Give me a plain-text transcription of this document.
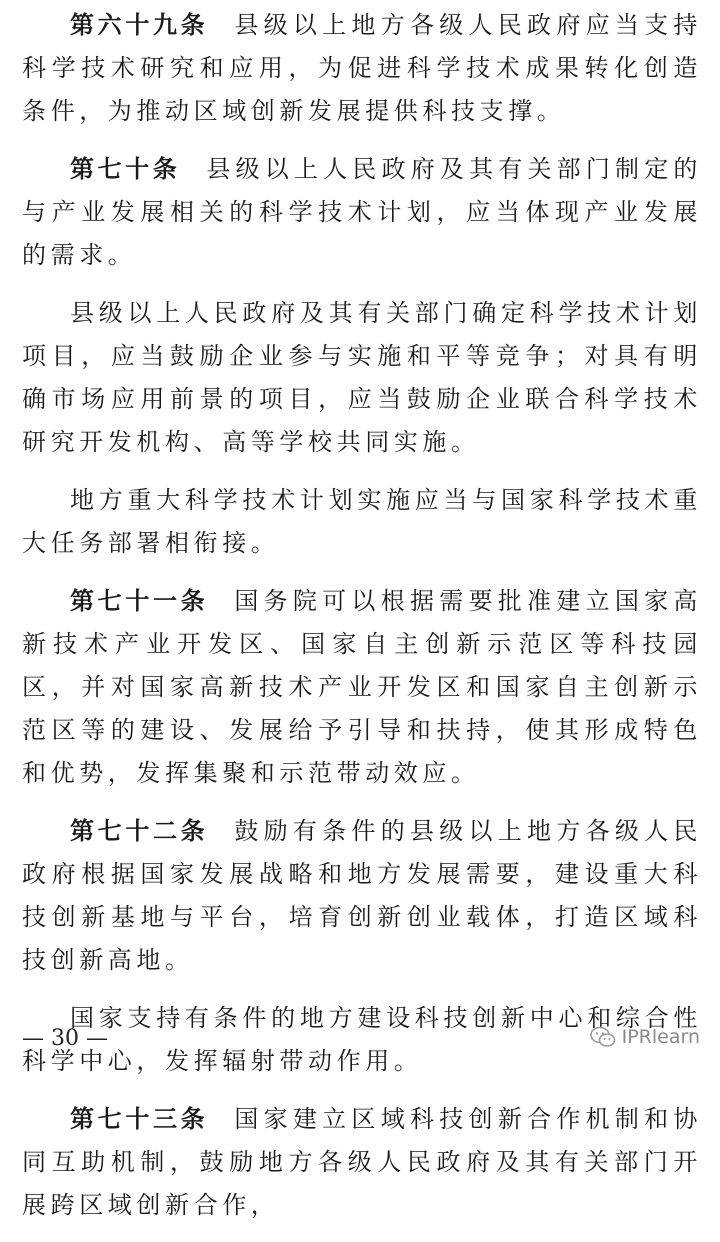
第六十九条 县级以上地方各级人民政府应当支持科学技术研究和应用，为促进科学技术成果转化创造条件，为推动区域创新发展提供科技支撑。

第七十条 县级以上人民政府及其有关部门制定的与产业发展相关的科学技术计划，应当体现产业发展的需求。

县级以上人民政府及其有关部门确定科学技术计划项目，应当鼓励企业参与实施和平等竞争；对具有明确市场应用前景的项目，应当鼓励企业联合科学技术研究开发机构、高等学校共同实施。

地方重大科学技术计划实施应当与国家科学技术重大任务部署相衔接。

第七十一条 国务院可以根据需要批准建立国家高新技术产业开发区、国家自主创新示范区等科技园区，并对国家高新技术产业开发区和国家自主创新示范区等的建设、发展给予引导和扶持，使其形成特色和优势，发挥集聚和示范带动效应。

第七十二条 鼓励有条件的县级以上地方各级人民政府根据国家发展战略和地方发展需要，建设重大科技创新基地与平台，培育创新创业载体，打造区域科技创新高地。

国家支持有条件的地方建设科技创新中心和综合性科学中心，发挥辐射带动作用。

第七十三条 国家建立区域科技创新合作机制和协同互助机制，鼓励地方各级人民政府及其有关部门开展跨区域创新合作，

— 30 —	IPRlearn
